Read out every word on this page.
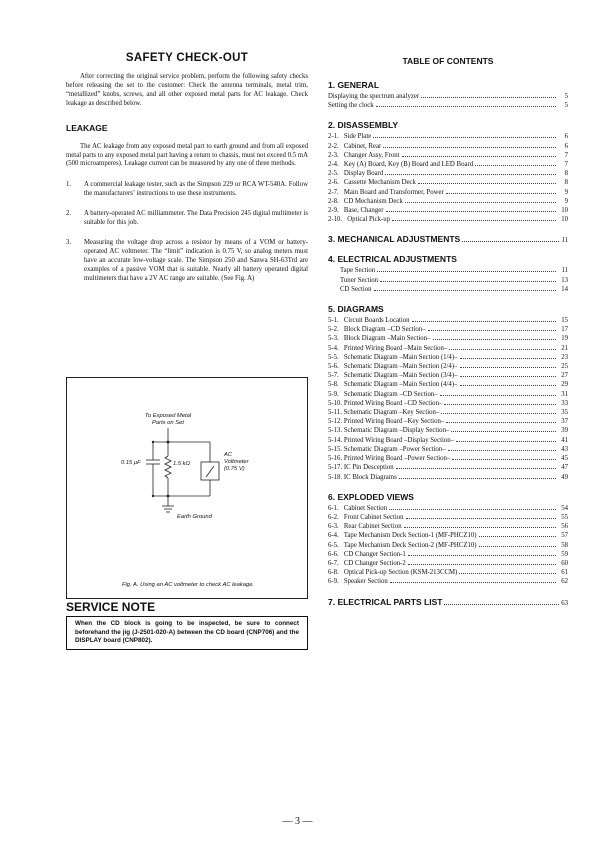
SAFETY CHECK-OUT

After correcting the original service problem, perform the following safety checks before releasing the set to the customer: Check the antenna terminals, metal trim, “metallized” knobs, screws, and all other exposed metal parts for AC leakage. Check leakage as described below.

LEAKAGE

The AC leakage from any exposed metal part to earth ground and from all exposed metal parts to any exposed metal part having a return to chassis, must not exceed 0.5 mA (500 microamperes). Leakage current can be measured by any one of three methods.

1.	A commercial leakage tester, such as the Simpson 229 or RCA WT-540A. Follow the manufacturers’ instructions to use these instruments.
2.	A battery-operated AC milliammeter. The Data Precision 245 digital multimeter is suitable for this job.
3.	Measuring the voltage drop across a resistor by means of a VOM or battery-operated AC voltmeter. The “limit” indication is 0.75 V, so analog meters must have an accurate low-voltage scale. The Simpson 250 and Sanwa SH-63Trd are examples of a passive VOM that is suitable. Nearly all battery operated digital multimeters that have a 2V AC range are suitable. (See Fig. A)
To Exposed Metal
Parts on Set
0.15 μF	1.5 kΩ
AC
Voltmeter
(0.75 V)
Earth Ground
Fig. A. Using an AC voltmeter to check AC leakage.
SERVICE NOTE
When the CD block is going to be inspected, be sure to connect beforehand the jig (J-2501-020-A) between the CD board (CNP706) and the DISPLAY board (CNP802).
TABLE OF CONTENTS
1. GENERAL
Displaying the spectrum analyzer	5
Setting the clock	5
2. DISASSEMBLY
2-1.   Side Plate	6
2-2.   Cabinet, Rear	6
2-3.   Changer Assy, Front	7
2-4.   Key (A) Board, Key (B) Board and LED Board	7
2-5.   Display Board	8
2-6.   Cassette Mechanism Deck	8
2-7.   Main Board and Transformer, Power	9
2-8.   CD Mechanism Deck	9
2-9.   Base, Changer	10
2-10.   Optical Pick-up	10
3. MECHANICAL ADJUSTMENTS	11
4. ELECTRICAL ADJUSTMENTS
Tape Section	11
Tuner Section	13
CD Section	14
5. DIAGRAMS
5-1.   Circuit Boards Location	15
5-2.   Block Diagram –CD Section–	17
5-3.   Block Diagram –Main Section–	19
5-4.   Printed Wiring Board –Main Section–	21
5-5.   Schematic Diagram –Main Section (1/4)–	23
5-6.   Schematic Diagram –Main Section (2/4)–	25
5-7.   Schematic Diagram –Main Section (3/4)–	27
5-8.   Schematic Diagram –Main Section (4/4)–	29
5-9.   Schematic Diagram –CD Section–	31
5-10. Printed Wiring Board –CD Section–	33
5-11. Schematic Diagram –Key Section–	35
5-12. Printed Wiring Board –Key Section–	37
5-13. Schematic Diagram –Display Section–	39
5-14. Printed Wiring Board –Display Section–	41
5-15. Schematic Diagram –Power Section–	43
5-16. Printed Wiring Board –Power Section–	45
5-17. IC Pin Desception	47
5-18. IC Block Diagrams	49
6. EXPLODED VIEWS
6-1.   Cabinet Section	54
6-2.   Front Cabinet Section	55
6-3.   Rear Cabinet Section	56
6-4.   Tape Mechanism Deck Section-1 (MF-PHCZ10)	57
6-5.   Tape Mechanism Deck Section-2 (MF-PHCZ10)	58
6-6.   CD Changer Section-1	59
6-7.   CD Changer Section-2	60
6-8.   Optical Pick-up Section (KSM-213CCM)	61
6-9.   Speaker Section	62
7. ELECTRICAL PARTS LIST	63
— 3 —
